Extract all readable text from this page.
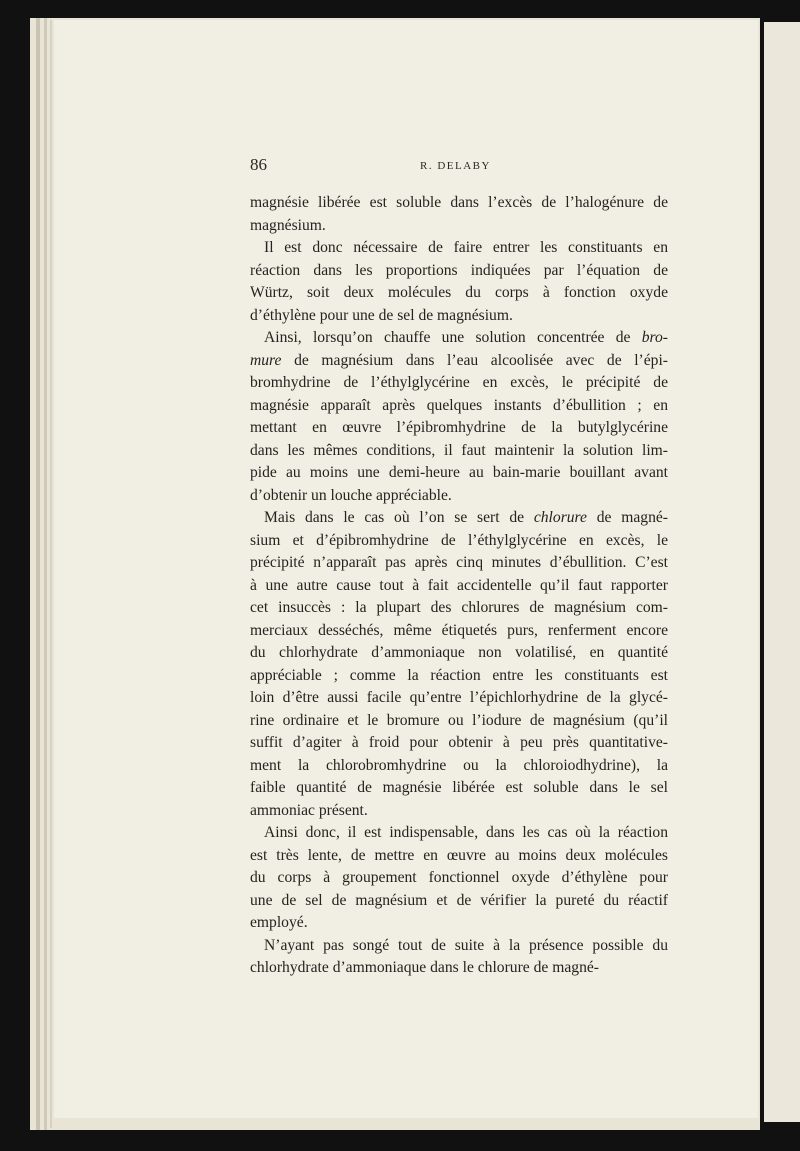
86	R. DELABY
magnésie libérée est soluble dans l’excès de l’halogénure de
magnésium.
Il est donc nécessaire de faire entrer les constituants en
réaction dans les proportions indiquées par l’équation de
Würtz, soit deux molécules du corps à fonction oxyde
d’éthylène pour une de sel de magnésium.
Ainsi, lorsqu’on chauffe une solution concentrée de bro-
mure de magnésium dans l’eau alcoolisée avec de l’épi-
bromhydrine de l’éthylglycérine en excès, le précipité de
magnésie apparaît après quelques instants d’ébullition ; en
mettant en œuvre l’épibromhydrine de la butylglycérine
dans les mêmes conditions, il faut maintenir la solution lim-
pide au moins une demi-heure au bain-marie bouillant avant
d’obtenir un louche appréciable.
Mais dans le cas où l’on se sert de chlorure de magné-
sium et d’épibromhydrine de l’éthylglycérine en excès, le
précipité n’apparaît pas après cinq minutes d’ébullition. C’est
à une autre cause tout à fait accidentelle qu’il faut rapporter
cet insuccès : la plupart des chlorures de magnésium com-
merciaux desséchés, même étiquetés purs, renferment encore
du chlorhydrate d’ammoniaque non volatilisé, en quantité
appréciable ; comme la réaction entre les constituants est
loin d’être aussi facile qu’entre l’épichlorhydrine de la glycé-
rine ordinaire et le bromure ou l’iodure de magnésium (qu’il
suffit d’agiter à froid pour obtenir à peu près quantitative-
ment la chlorobromhydrine ou la chloroiodhydrine), la
faible quantité de magnésie libérée est soluble dans le sel
ammoniac présent.
Ainsi donc, il est indispensable, dans les cas où la réaction
est très lente, de mettre en œuvre au moins deux molécules
du corps à groupement fonctionnel oxyde d’éthylène pour
une de sel de magnésium et de vérifier la pureté du réactif
employé.
N’ayant pas songé tout de suite à la présence possible du
chlorhydrate d’ammoniaque dans le chlorure de magné-
